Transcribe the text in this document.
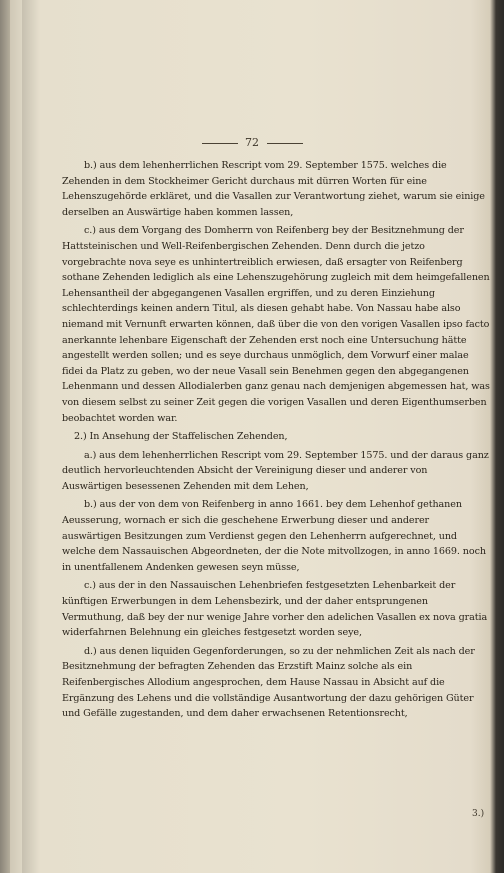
72

b.) aus dem lehenherrlichen Rescript vom 29. September 1575. welches die Zehenden in dem Stockheimer Gericht durchaus mit dürren Worten für eine Lehenszugehörde erkläret, und die Vasallen zur Verantwortung ziehet, warum sie einige derselben an Auswärtige haben kommen lassen,

c.) aus dem Vorgang des Domherrn von Reifenberg bey der Besitznehmung der Hattsteinischen und Well-Reifenbergischen Zehenden. Denn durch die jetzo vorgebrachte nova seye es unhintertreiblich erwiesen, daß ersagter von Reifenberg sothane Zehenden lediglich als eine Lehenszugehörung zugleich mit dem heimgefallenen Lehensantheil der abgegangenen Vasallen ergriffen, und zu deren Einziehung schlechterdings keinen andern Titul, als diesen gehabt habe. Von Nassau habe also niemand mit Vernunft erwarten können, daß über die von den vorigen Vasallen ipso facto anerkannte lehenbare Eigenschaft der Zehenden erst noch eine Untersuchung hätte angestellt werden sollen; und es seye durchaus unmöglich, dem Vorwurf einer malae fidei da Platz zu geben, wo der neue Vasall sein Benehmen gegen den abgegangenen Lehenmann und dessen Allodialerben ganz genau nach demjenigen abgemessen hat, was von diesem selbst zu seiner Zeit gegen die vorigen Vasallen und deren Eigenthumserben beobachtet worden war.

2.) In Ansehung der Staffelischen Zehenden,

a.) aus dem lehenherrlichen Rescript vom 29. September 1575. und der daraus ganz deutlich hervorleuchtenden Absicht der Vereinigung dieser und anderer von Auswärtigen besessenen Zehenden mit dem Lehen,

b.) aus der von dem von Reifenberg in anno 1661. bey dem Lehenhof gethanen Aeusserung, wornach er sich die geschehene Erwerbung dieser und anderer auswärtigen Besitzungen zum Verdienst gegen den Lehenherrn aufgerechnet, und welche dem Nassauischen Abgeordneten, der die Note mitvollzogen, in anno 1669. noch in unentfallenem Andenken gewesen seyn müsse,

c.) aus der in den Nassauischen Lehenbriefen festgesetzten Lehenbarkeit der künftigen Erwerbungen in dem Lehensbezirk, und der daher entsprungenen Vermuthung, daß bey der nur wenige Jahre vorher den adelichen Vasallen ex nova gratia widerfahrnen Belehnung ein gleiches festgesetzt worden seye,

d.) aus denen liquiden Gegenforderungen, so zu der nehmlichen Zeit als nach der Besitznehmung der befragten Zehenden das Erzstift Mainz solche als ein Reifenbergisches Allodium angesprochen, dem Hause Nassau in Absicht auf die Ergänzung des Lehens und die vollständige Ausantwortung der dazu gehörigen Güter und Gefälle zugestanden, und dem daher erwachsenen Retentionsrecht,

3.)
